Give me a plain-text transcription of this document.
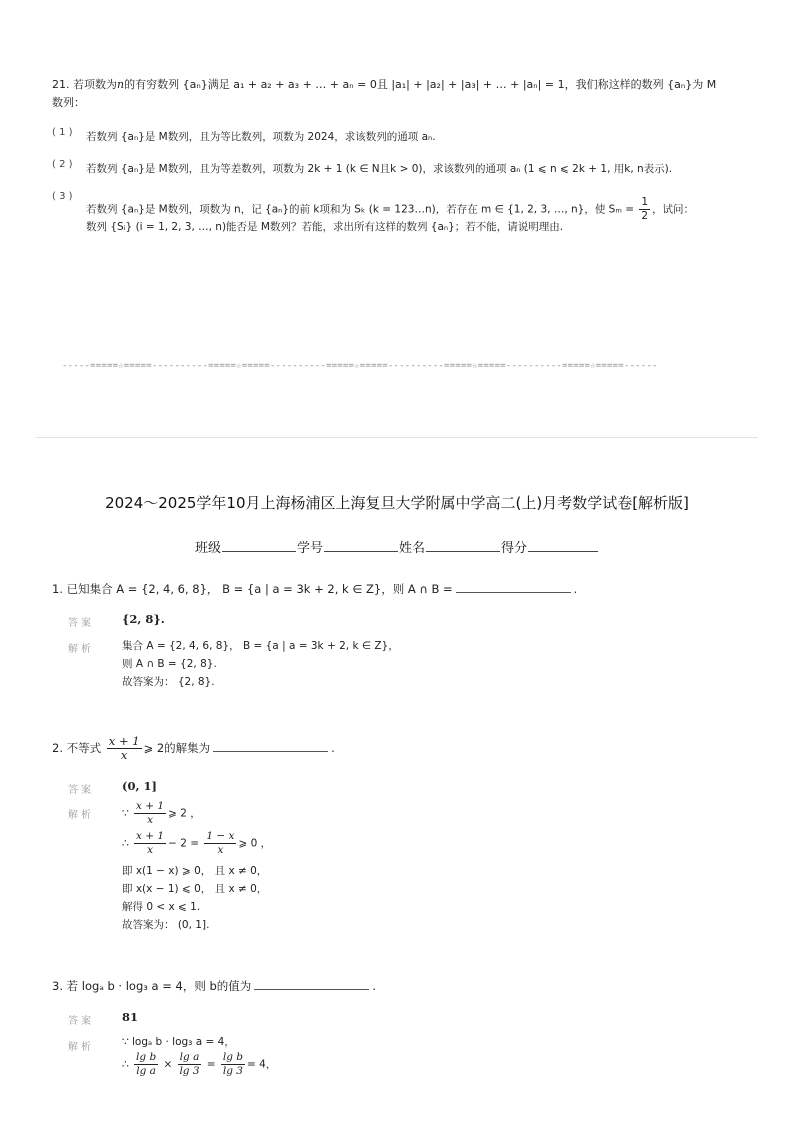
21. 若项数为n的有穷数列 {aₙ}满足 a₁ + a₂ + a₃ + … + aₙ = 0且 |a₁| + |a₂| + |a₃| + … + |aₙ| = 1，我们称这样的数列 {aₙ}为 M
数列：
( 1 ) 若数列 {aₙ}是 M数列，且为等比数列，项数为 2024，求该数列的通项 aₙ.
( 2 ) 若数列 {aₙ}是 M数列，且为等差数列，项数为 2k + 1 (k ∈ N且k > 0)，求该数列的通项 aₙ (1 ⩽ n ⩽ 2k + 1, 用k, n表示).
( 3 )
若数列 {aₙ}是 M数列，项数为 n，记 {aₙ}的前 k项和为 Sₖ (k = 123…n)，若存在 m ∈ {1, 2, 3, …, n}，使 $S_m = \frac{1}{2}$ ，试问：
数列 {Sᵢ} (i = 1, 2, 3, …, n)能否是 M数列？若能，求出所有这样的数列 {aₙ}；若不能，请说明理由.
-----=====☆=====----------=====☆=====----------=====☆=====----------=====☆=====----------=====☆=====------
2024～2025学年10月上海杨浦区上海复旦大学附属中学高二(上)月考数学试卷[解析版]
班级	学号	姓名	得分
1. 已知集合 A = {2, 4, 6, 8}， B = {a | a = 3k + 2, k ∈ Z}，则 A ∩ B =	.
答案 {2, 8}.
解析	集合 A = {2, 4, 6, 8}， B = {a | a = 3k + 2, k ∈ Z}，
则 A ∩ B = {2, 8}.
故答案为： {2, 8}.
2. 不等式 $\frac{x + 1}{x}$ ⩾ 2的解集为	.
答案 (0, 1]
解析	∵ $\frac{x + 1}{x}$ ⩾ 2 ，
∴ $\frac{x + 1}{x} - 2 = \frac{1 - x}{x}$ ⩾ 0 ，
即 x(1 − x) ⩾ 0， 且 x ≠ 0，
即 x(x − 1) ⩽ 0， 且 x ≠ 0，
解得 0 < x ⩽ 1.
故答案为： (0, 1].
3. 若 logₐ b · log₃ a = 4，则 b的值为	.
答案 81
解析	∵ logₐ b · log₃ a = 4，
∴ $\frac{\text{lg b}}{\text{lg a}} \times \frac{\text{lg a}}{\lg 3} = \frac{\text{lg b}}{\lg 3} = 4$，
